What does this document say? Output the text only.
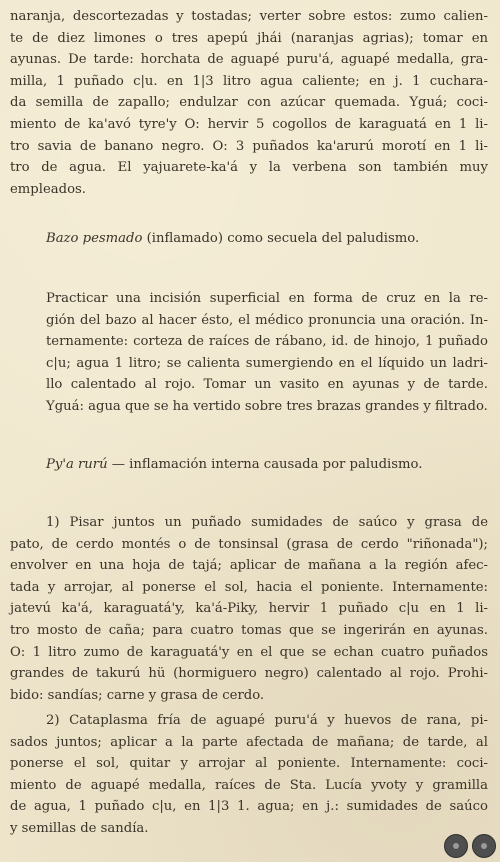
naranja, descortezadas y tostadas; verter sobre estos: zumo calien-
te de diez limones o tres apepú jhái (naranjas agrias); tomar en
ayunas. De tarde: horchata de aguapé puru'á, aguapé medalla, gra-
milla, 1 puñado c|u. en 1|3 litro agua caliente; en j. 1 cuchara-
da semilla de zapallo; endulzar con azúcar quemada. Yguá; coci-
miento de ka'avó tyre'y O: hervir 5 cogollos de karaguatá en 1 li-
tro savia de banano negro. O: 3 puñados ka'arurú morotí en 1 li-
tro de agua. El yajuarete-ka'á y la verbena son también muy
empleados.
Bazo pesmado (inflamado) como secuela del paludismo.
Practicar una incisión superficial en forma de cruz en la re-
gión del bazo al hacer ésto, el médico pronuncia una oración. In-
ternamente: corteza de raíces de rábano, id. de hinojo, 1 puñado
c|u; agua 1 litro; se calienta sumergiendo en el líquido un ladri-
llo calentado al rojo. Tomar un vasito en ayunas y de tarde.
Yguá: agua que se ha vertido sobre tres brazas grandes y filtrado.
Py'a rurú — inflamación interna causada por paludismo.
1) Pisar juntos un puñado sumidades de saúco y grasa de
pato, de cerdo montés o de tonsinsal (grasa de cerdo "riñonada");
envolver en una hoja de tajá; aplicar de mañana a la región afec-
tada y arrojar, al ponerse el sol, hacia el poniente. Internamente:
jatevú ka'á, karaguatá'y, ka'á-Piky, hervir 1 puñado c|u en 1 li-
tro mosto de caña; para cuatro tomas que se ingerirán en ayunas.
O: 1 litro zumo de karaguatá'y en el que se echan cuatro puñados
grandes de takurú hü (hormiguero negro) calentado al rojo. Prohi-
bido: sandías; carne y grasa de cerdo.
2) Cataplasma fría de aguapé puru'á y huevos de rana, pi-
sados juntos; aplicar a la parte afectada de mañana; de tarde, al
ponerse el sol, quitar y arrojar al poniente. Internamente: coci-
miento de aguapé medalla, raíces de Sta. Lucía yvoty y gramilla
de agua, 1 puñado c|u, en 1|3 1. agua; en j.: sumidades de saúco
y semillas de sandía.
